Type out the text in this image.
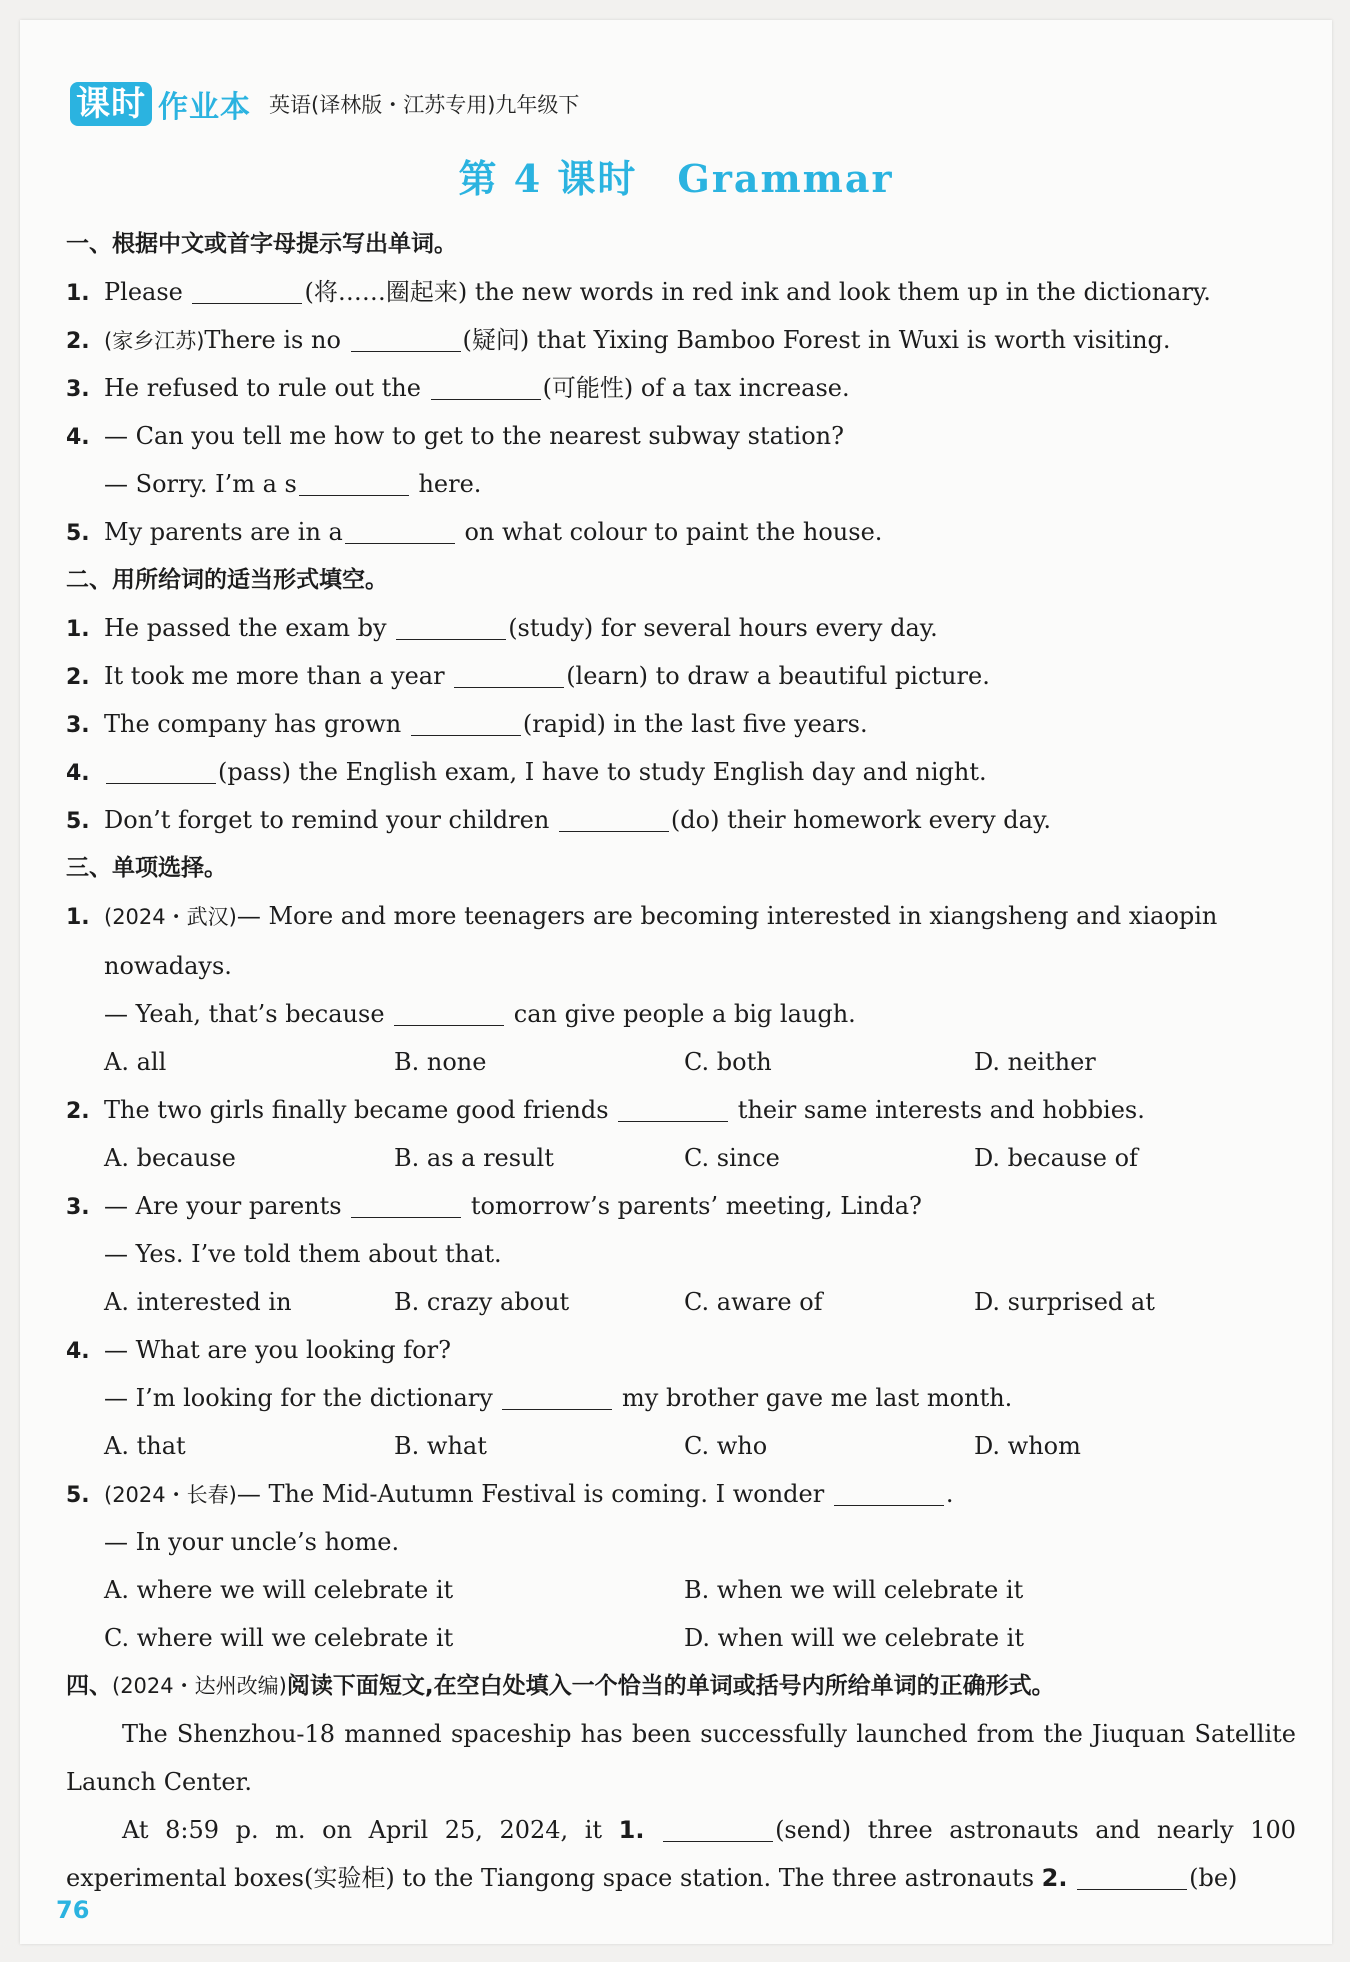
课时 作业本 英语(译林版・江苏专用)九年级下
第 4 课时　Grammar
一、根据中文或首字母提示写出单词。
1. Please	(将……圈起来) the new words in red ink and look them up in the dictionary.
2. (家乡江苏)There is no	(疑问) that Yixing Bamboo Forest in Wuxi is worth visiting.
3. He refused to rule out the	(可能性) of a tax increase.
4. — Can you tell me how to get to the nearest subway station?
— Sorry. I’m a s	here.
5. My parents are in a	on what colour to paint the house.
二、用所给词的适当形式填空。
1. He passed the exam by	(study) for several hours every day.
2. It took me more than a year	(learn) to draw a beautiful picture.
3. The company has grown	(rapid) in the last five years.
4.	(pass) the English exam, I have to study English day and night.
5. Don’t forget to remind your children	(do) their homework every day.
三、单项选择。
1. (2024・武汉)— More and more teenagers are becoming interested in xiangsheng and xiaopin nowadays.
— Yeah, that’s because	can give people a big laugh.
A. all	B. none	C. both	D. neither
2. The two girls finally became good friends	their same interests and hobbies.
A. because	B. as a result	C. since	D. because of
3. — Are your parents	tomorrow’s parents’ meeting, Linda?
— Yes. I’ve told them about that.
A. interested in	B. crazy about	C. aware of	D. surprised at
4. — What are you looking for?
— I’m looking for the dictionary	my brother gave me last month.
A. that	B. what	C. who	D. whom
5. (2024・长春)— The Mid-Autumn Festival is coming. I wonder	.
— In your uncle’s home.
A. where we will celebrate it	B. when we will celebrate it
C. where will we celebrate it	D. when will we celebrate it
四、(2024・达州改编)阅读下面短文,在空白处填入一个恰当的单词或括号内所给单词的正确形式。
The Shenzhou-18 manned spaceship has been successfully launched from the Jiuquan Satellite Launch Center.
At 8:59 p. m. on April 25, 2024, it 1.	(send) three astronauts and nearly 100 experimental boxes(实验柜) to the Tiangong space station. The three astronauts 2.	(be)
76
